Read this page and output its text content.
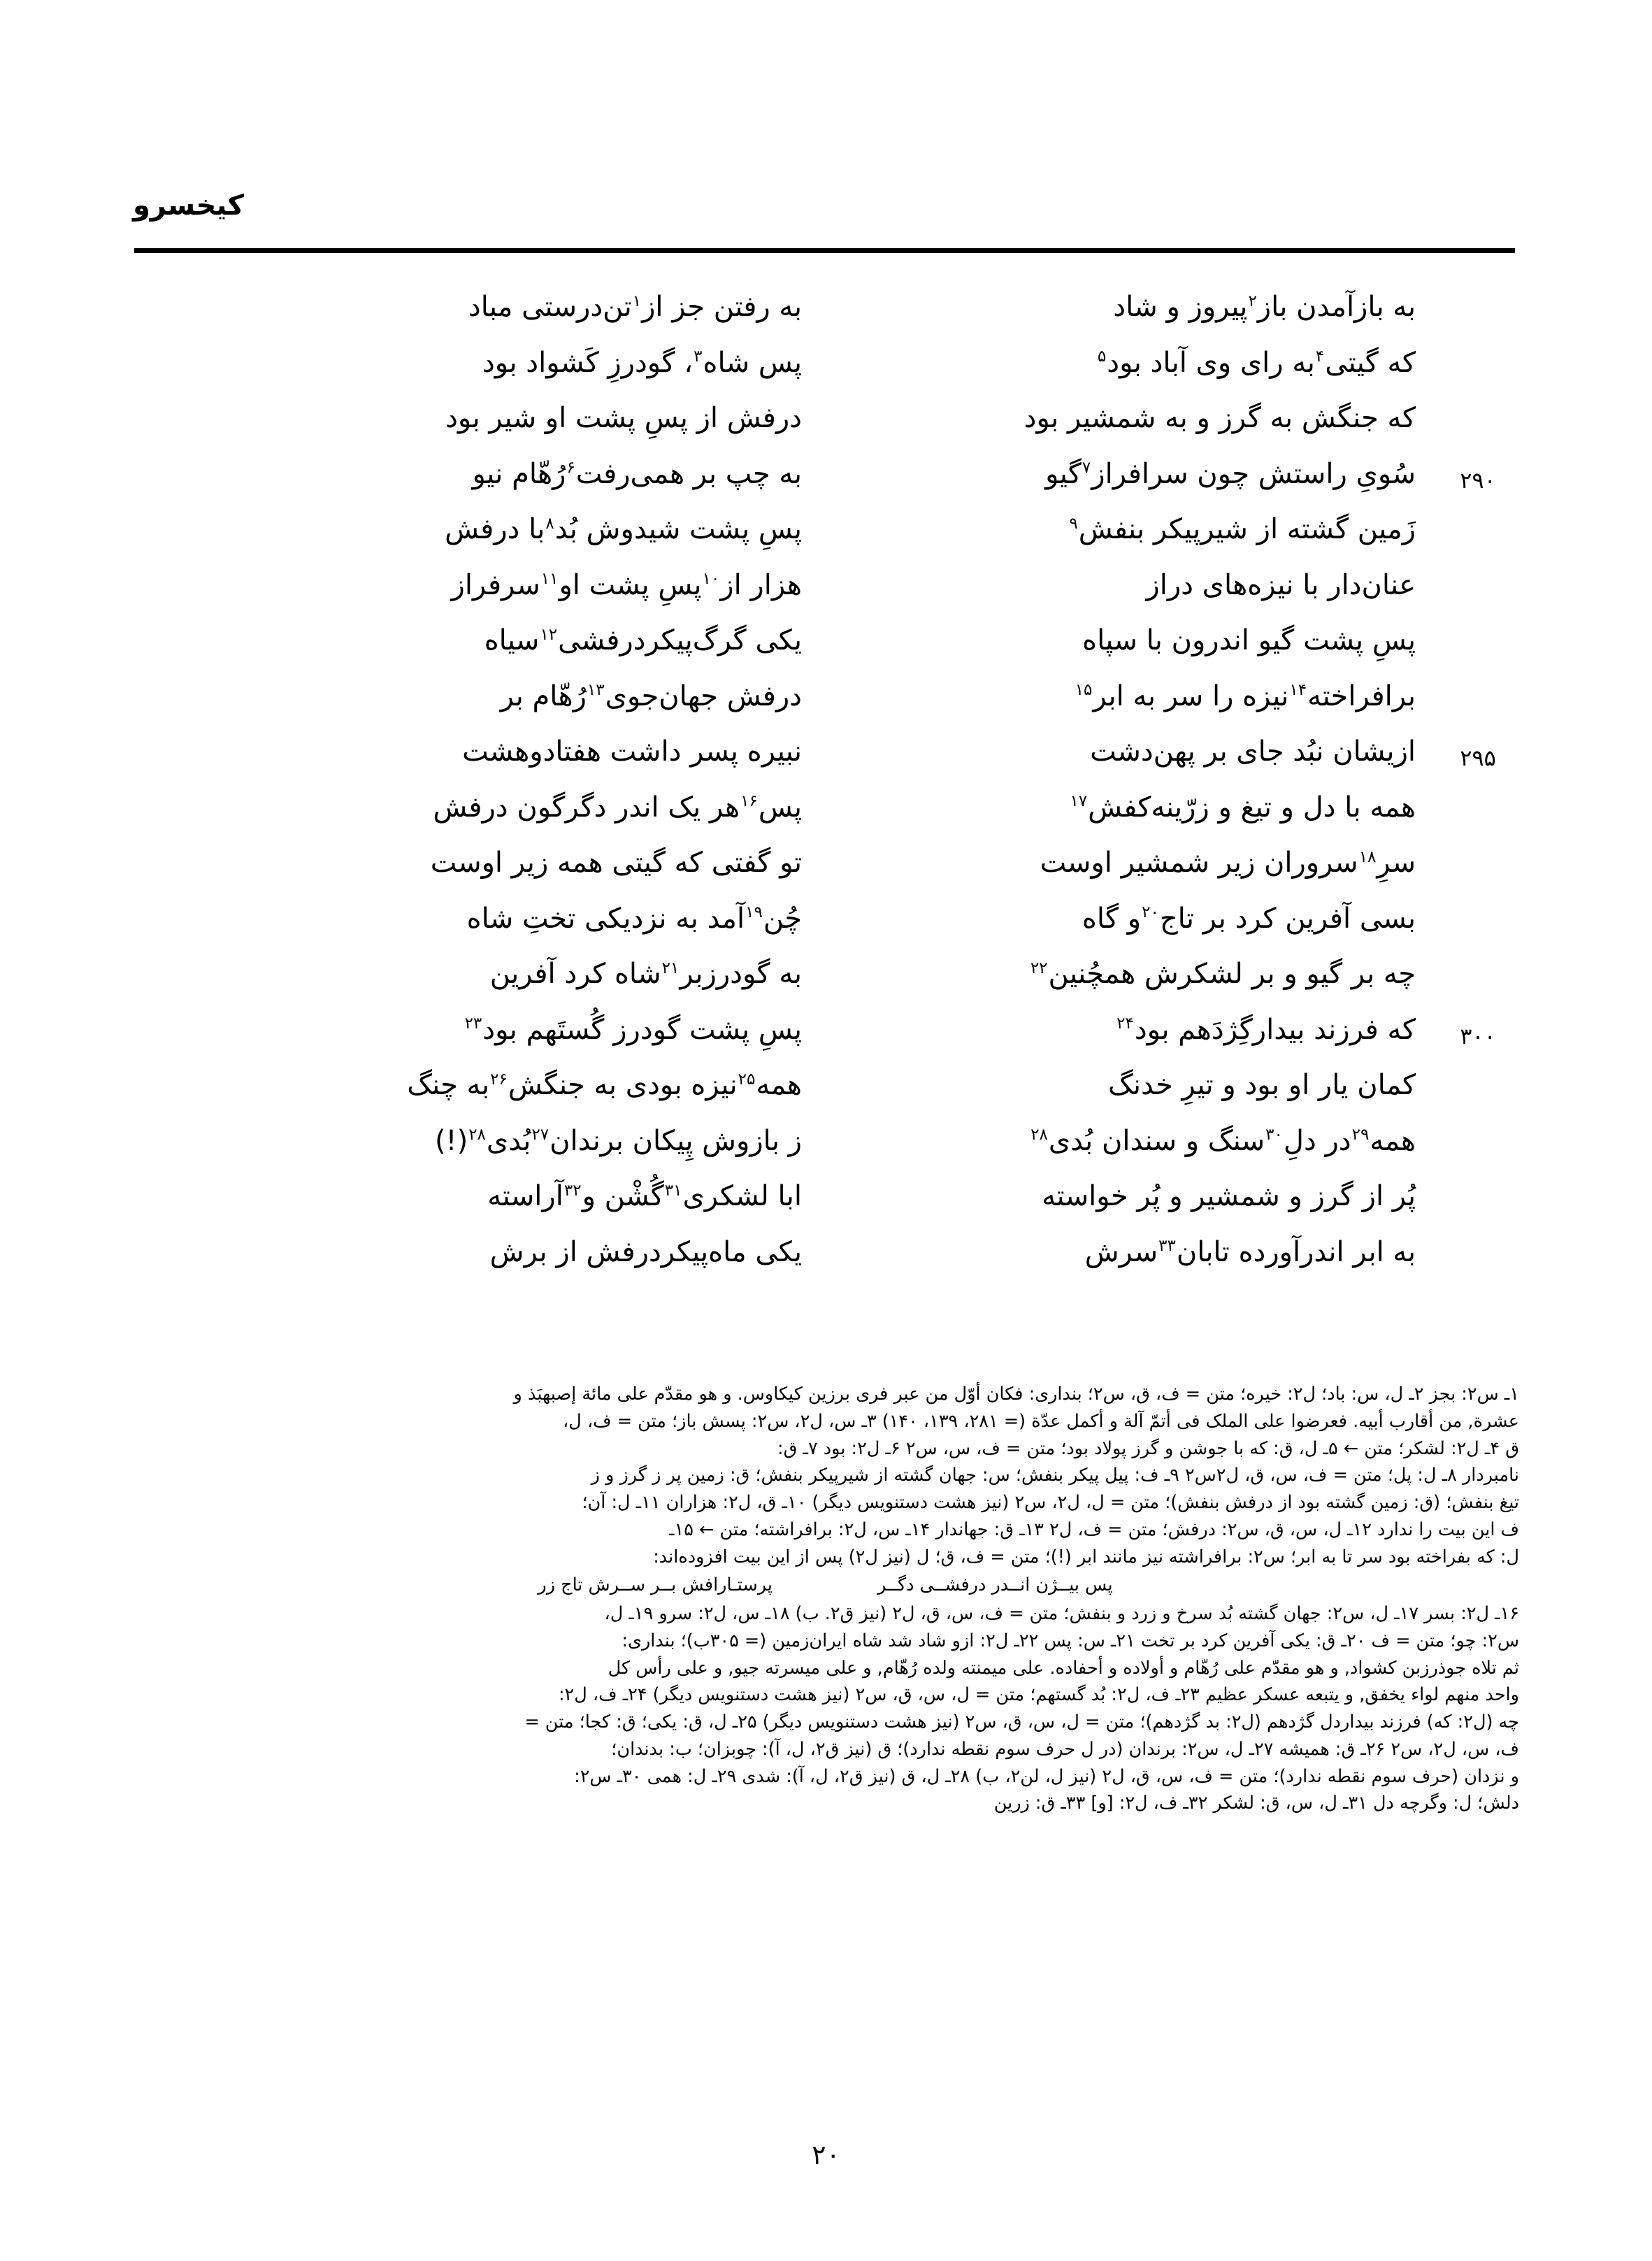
کیخسرو
به بازآمدن باز$^۲$پیروز و شاد
به رفتن جز از$^۱$تن‌درستی مباد
که گیتی$^۴$به رای وی آباد بود$^۵$
پس شاه$^۳$، گودرزِ کَشواد بود
که جنگش به گرز و به شمشیر بود
درفش از پسِ پشت او شیر بود
۲۹۰
سُویِ راستش چون سرافراز$^۷$گیو
به چپ بر همی‌رفت$^۶$رُهّام نیو
زَمین گشته از شیرپیکر بنفش$^۹$
پسِ پشت شیدوش بُد$^۸$با درفش
عنان‌دار با نیزه‌های دراز
هزار از$^{۱۰}$پسِ پشت او$^{۱۱}$سرفراز
پسِ پشت گیو اندرون با سپاه
یکی گرگ‌پیکردرفشی$^{۱۲}$سیاه
برافراخته$^{۱۴}$نیزه را سر به ابر$^{۱۵}$
درفش جهان‌جوی$^{۱۳}$رُهّام بر
۲۹۵
ازیشان نبُد جای بر پهن‌دشت
نبیره پسر داشت هفتادوهشت
همه با دل و تیغ و زرّینه‌کفش$^{۱۷}$
پس$^{۱۶}$هر یک اندر دگرگون درفش
سرِ$^{۱۸}$سروران زیر شمشیر اوست
تو گفتی که گیتی همه زیر اوست
بسی آفرین کرد بر تاج$^{۲۰}$و گاه
چُن$^{۱۹}$آمد به نزدیکی تختِ شاه
چه بر گیو و بر لشکرش همچُنین$^{۲۲}$
به گودرزبر$^{۲۱}$شاه کرد آفرین
۳۰۰
که فرزند بیدارگِژدَهم بود$^{۲۴}$
پسِ پشت گودرز گُستَهم بود$^{۲۳}$
کمان یار او بود و تیرِ خدنگ
همه$^{۲۵}$نیزه بودی به جنگش$^{۲۶}$به چنگ
همه$^{۲۹}$در دلِ$^{۳۰}$سنگ و سندان بُدی$^{۲۸}$
ز بازوش پِیکان برندان$^{۲۷}$بُدی$^{۲۸}$(!)
پُر از گرز و شمشیر و پُر خواسته
ابا لشکری$^{۳۱}$گُشْن و$^{۳۲}$آراسته
به ابر اندرآورده تابان$^{۳۳}$سرش
یکی ماه‌پیکردرفش از برش
۱ـ س۲: بجز ۲ـ ل، س: باد؛ ل۲: خیره؛ متن = ف، ق، س۲؛ بنداری: فکان أوّل من عبر فری برزین کیکاوس. و هو مقدّم علی مائة إصبهبَذ و
عشرة, من أقارب أبیه. فعرضوا علی الملک فی أتمّ آلة و أکمل عدّة (= ۲۸۱، ۱۳۹، ۱۴۰) ۳ـ س، ل۲، س۲: پسش باز؛ متن = ف، ل،
ق ۴ـ ل۲: لشکر؛ متن ← ۵ـ ل، ق: که با جوشن و گرز پولاد بود؛ متن = ف، س، س۲ ۶ـ ل۲: بود ۷ـ ق:
نامبردار ۸ـ ل: پل؛ متن = ف، س، ق، ل۲س۲ ۹ـ ف: پیل پیکر بنفش؛ س: جهان گشته از شیرپیکر بنفش؛ ق: زمین پر ز گرز و ز
تیغ بنفش؛ (ق: زمین گشته بود از درفش بنفش)؛ متن = ل، ل۲، س۲ (نیز هشت دستنویس دیگر) ۱۰ـ ق، ل۲: هزاران ۱۱ـ ل: آن؛
ف این بیت را ندارد ۱۲ـ ل، س، ق، س۲: درفش؛ متن = ف، ل۲ ۱۳ـ ق: جهاندار ۱۴ـ س، ل۲: برافراشته؛ متن ← ۱۵ـ
ل: که بفراخته بود سر تا به ابر؛ س۲: برافراشته نیز مانند ابر (!)؛ متن = ف، ق؛ ل (نیز ل۲) پس از این بیت افزوده‌اند:
پس بیــژن انــدر درفشــی دگــر
پرستـارافش بــر ســرش تاج زر
۱۶ـ ل۲: بسر ۱۷ـ ل، س۲: جهان گشته بُد سرخ و زرد و بنفش؛ متن = ف، س، ق، ل۲ (نیز ق۲. ب) ۱۸ـ س، ل۲: سرو ۱۹ـ ل،
س۲: چو؛ متن = ف ۲۰ـ ق: یکی آفرین کرد بر تخت ۲۱ـ س: پس ۲۲ـ ل۲: ازو شاد شد شاه ایران‌زمین (= ۳۰۵ب)؛ بنداری:
ثم تلاه جوذرزبن کشواد, و هو مقدّم علی رُهّام و أولاده و أحفاده. علی میمنته ولده رُهّام, و علی میسرته جیو, و علی رأس کل
واحد منهم لواء یخفق, و یتبعه عسکر عظیم ۲۳ـ ف، ل۲: بُد گستهم؛ متن = ل، س، ق، س۲ (نیز هشت دستنویس دیگر) ۲۴ـ ف، ل۲:
چه (ل۲: که) فرزند بیداردل گژدهم (ل۲: بد گژدهم)؛ متن = ل، س، ق، س۲ (نیز هشت دستنویس دیگر) ۲۵ـ ل، ق: یکی؛ ق: کجا؛ متن =
ف، س، ل۲، س۲ ۲۶ـ ق: همیشه ۲۷ـ ل، س۲: برندان (در ل حرف سوم نقطه ندارد)؛ ق (نیز ق۲، ل، آ): چوبزان؛ ب: بدندان؛
و نزدان (حرف سوم نقطه ندارد)؛ متن = ف، س، ق، ل۲ (نیز ل، لن۲، ب) ۲۸ـ ل، ق (نیز ق۲، ل، آ): شدی ۲۹ـ ل: همی ۳۰ـ س۲:
دلش؛ ل: وگرچه دل ۳۱ـ ل، س، ق: لشکر ۳۲ـ ف، ل۲: [و] ۳۳ـ ق: زرین
۲۰
